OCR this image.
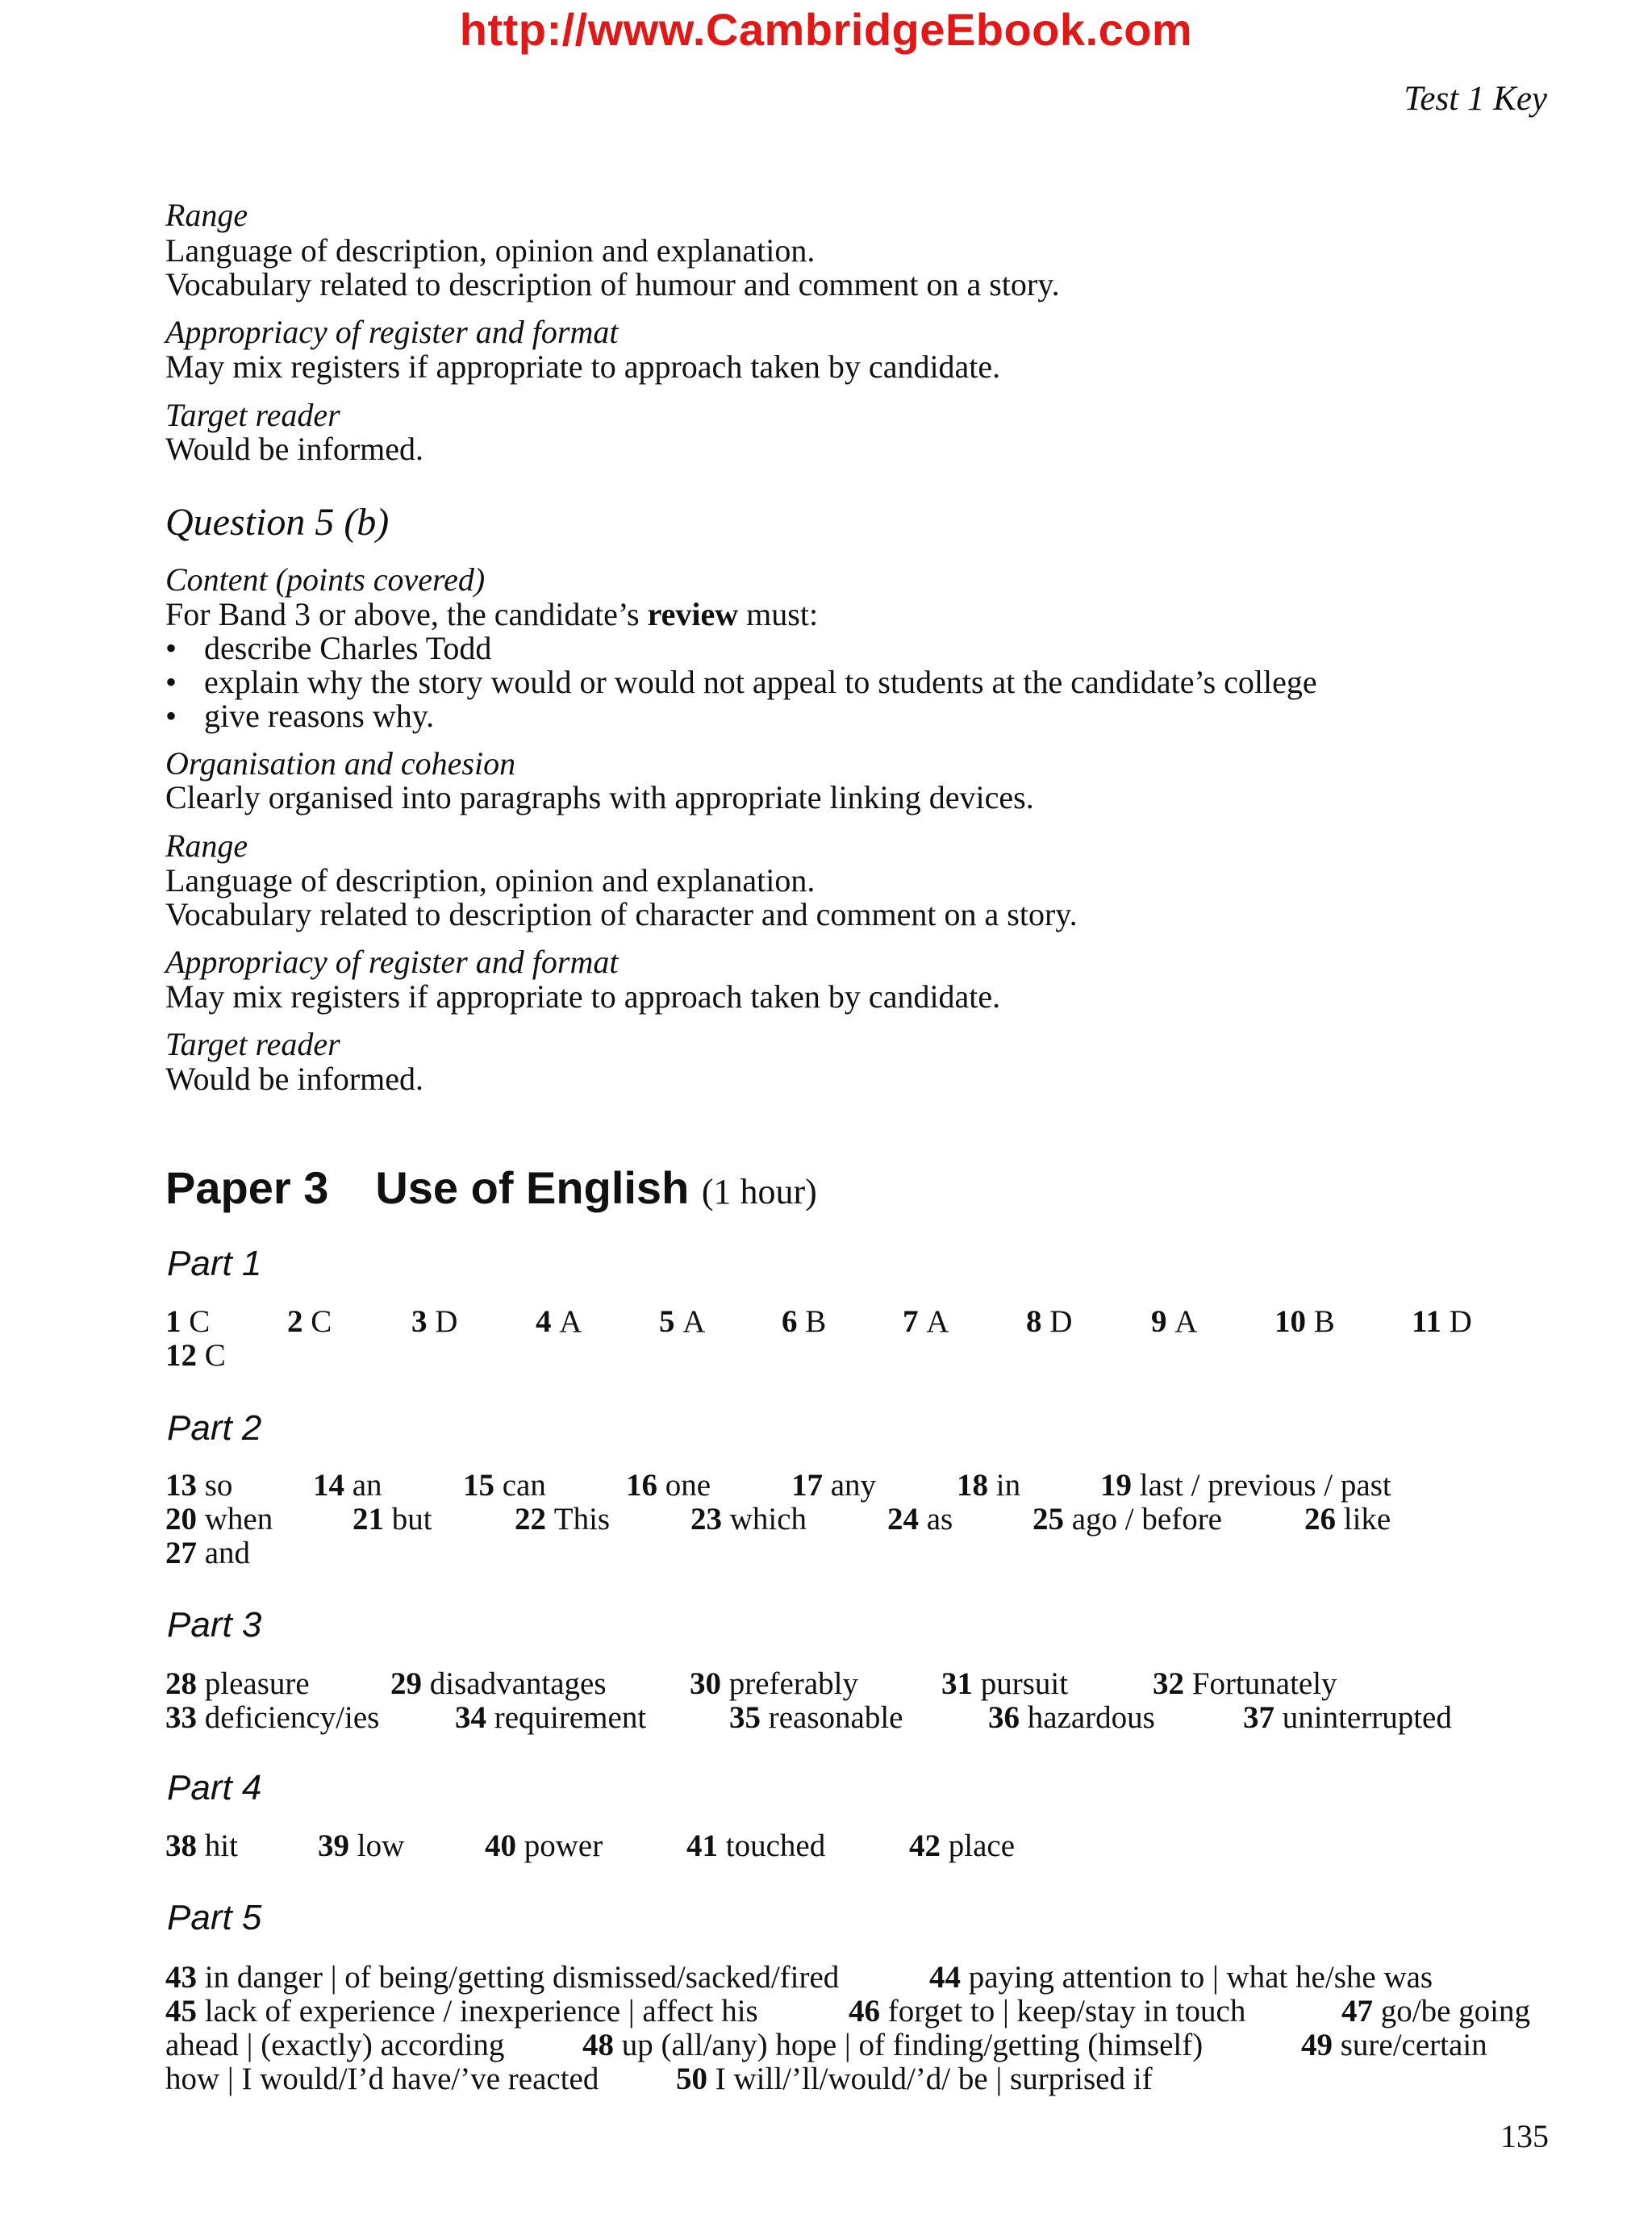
http://www.CambridgeEbook.com
Test 1 Key
Range
Language of description, opinion and explanation.
Vocabulary related to description of humour and comment on a story.
Appropriacy of register and format
May mix registers if appropriate to approach taken by candidate.
Target reader
Would be informed.
Question 5 (b)
Content (points covered)
For Band 3 or above, the candidate’s review must:
• describe Charles Todd
• explain why the story would or would not appeal to students at the candidate’s college
• give reasons why.
Organisation and cohesion
Clearly organised into paragraphs with appropriate linking devices.
Range
Language of description, opinion and explanation.
Vocabulary related to description of character and comment on a story.
Appropriacy of register and format
May mix registers if appropriate to approach taken by candidate.
Target reader
Would be informed.
Paper 3 Use of English (1 hour)
Part 1
1 C 2 C	3 D 4 A 5 A 6 B 7 A 8 D	9 A 10 B 11 D
12 C
Part 2
13 so	14 an	15 can	16 one	17 any	18 in	19 last / previous / past
20 when	21 but	22 This	23 which	24 as	25 ago / before	26 like
27 and
Part 3
28 pleasure	29 disadvantages	30 preferably	31 pursuit	32 Fortunately
33 deficiency/ies 34 requirement	35 reasonable	36 hazardous	37 uninterrupted
Part 4
38 hit	39 low	40 power	41 touched	42 place
Part 5
43 in danger | of being/getting dismissed/sacked/fired	44 paying attention to | what he/she was
45 lack of experience / inexperience | affect his	46 forget to | keep/stay in touch	47 go/be going
ahead | (exactly) according 48 up (all/any) hope | of finding/getting (himself)	49 sure/certain
how | I would/I’d have/’ve reacted 50 I will/’ll/would/’d/ be | surprised if
135
